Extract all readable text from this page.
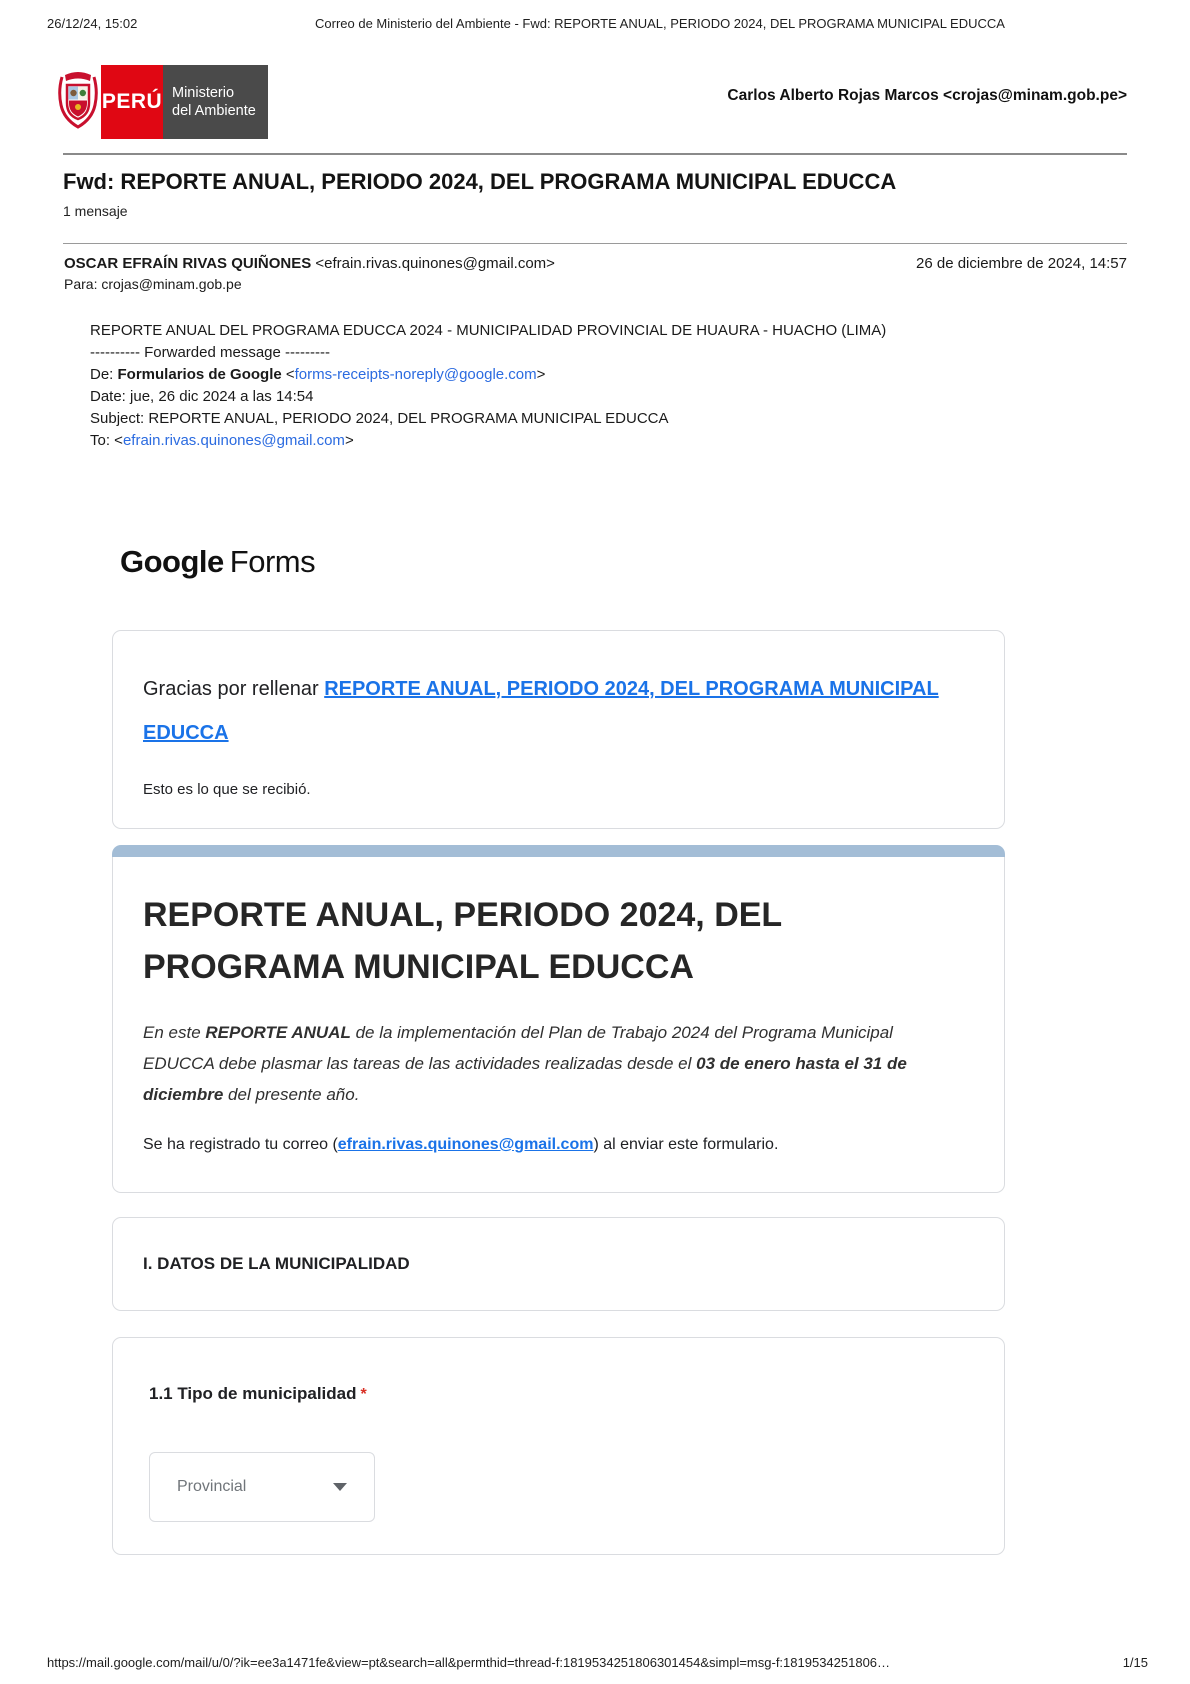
26/12/24, 15:02	Correo de Ministerio del Ambiente - Fwd: REPORTE ANUAL, PERIODO 2024, DEL PROGRAMA MUNICIPAL EDUCCA
PERÚ Ministerio
del Ambiente
Carlos Alberto Rojas Marcos <crojas@minam.gob.pe>
Fwd: REPORTE ANUAL, PERIODO 2024, DEL PROGRAMA MUNICIPAL EDUCCA
1 mensaje
OSCAR EFRAÍN RIVAS QUIÑONES <efrain.rivas.quinones@gmail.com>	26 de diciembre de 2024, 14:57
Para: crojas@minam.gob.pe

REPORTE ANUAL DEL PROGRAMA EDUCCA 2024 - MUNICIPALIDAD PROVINCIAL DE HUAURA - HUACHO (LIMA)

---------- Forwarded message ---------

De: Formularios de Google <forms-receipts-noreply@google.com>

Date: jue, 26 dic 2024 a las 14:54

Subject: REPORTE ANUAL, PERIODO 2024, DEL PROGRAMA MUNICIPAL EDUCCA

To: <efrain.rivas.quinones@gmail.com>

Google Forms
Gracias por rellenar REPORTE ANUAL, PERIODO 2024, DEL PROGRAMA MUNICIPAL EDUCCA
Esto es lo que se recibió.
REPORTE ANUAL, PERIODO 2024, DEL PROGRAMA MUNICIPAL EDUCCA

En este REPORTE ANUAL de la implementación del Plan de Trabajo 2024 del Programa Municipal EDUCCA debe plasmar las tareas de las actividades realizadas desde el 03 de enero hasta el 31 de diciembre del presente año.

Se ha registrado tu correo (efrain.rivas.quinones@gmail.com) al enviar este formulario.

I. DATOS DE LA MUNICIPALIDAD
1.1 Tipo de municipalidad *
Provincial
https://mail.google.com/mail/u/0/?ik=ee3a1471fe&view=pt&search=all&permthid=thread-f:1819534251806301454&simpl=msg-f:1819534251806…	1/15
